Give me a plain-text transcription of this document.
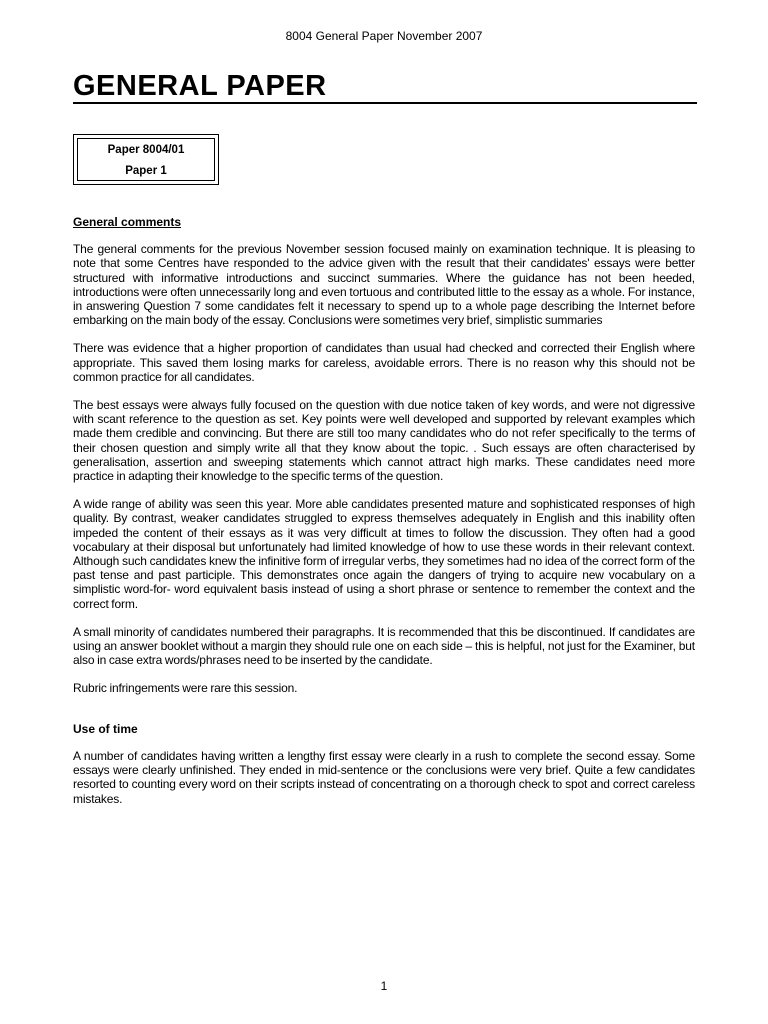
8004 General Paper November 2007
GENERAL PAPER
Paper 8004/01
Paper 1
General comments

The general comments for the previous November session focused mainly on examination technique. It is pleasing to note that some Centres have responded to the advice given with the result that their candidates' essays were better structured with informative introductions and succinct summaries. Where the guidance has not been heeded, introductions were often unnecessarily long and even tortuous and contributed little to the essay as a whole. For instance, in answering Question 7 some candidates felt it necessary to spend up to a whole page describing the Internet before embarking on the main body of the essay. Conclusions were sometimes very brief, simplistic summaries

There was evidence that a higher proportion of candidates than usual had checked and corrected their English where appropriate. This saved them losing marks for careless, avoidable errors. There is no reason why this should not be common practice for all candidates.

The best essays were always fully focused on the question with due notice taken of key words, and were not digressive with scant reference to the question as set. Key points were well developed and supported by relevant examples which made them credible and convincing. But there are still too many candidates who do not refer specifically to the terms of their chosen question and simply write all that they know about the topic. . Such essays are often characterised by generalisation, assertion and sweeping statements which cannot attract high marks. These candidates need more practice in adapting their knowledge to the specific terms of the question.

A wide range of ability was seen this year. More able candidates presented mature and sophisticated responses of high quality. By contrast, weaker candidates struggled to express themselves adequately in English and this inability often impeded the content of their essays as it was very difficult at times to follow the discussion. They often had a good vocabulary at their disposal but unfortunately had limited knowledge of how to use these words in their relevant context. Although such candidates knew the infinitive form of irregular verbs, they sometimes had no idea of the correct form of the past tense and past participle. This demonstrates once again the dangers of trying to acquire new vocabulary on a simplistic word-for- word equivalent basis instead of using a short phrase or sentence to remember the context and the correct form.

A small minority of candidates numbered their paragraphs. It is recommended that this be discontinued. If candidates are using an answer booklet without a margin they should rule one on each side – this is helpful, not just for the Examiner, but also in case extra words/phrases need to be inserted by the candidate.

Rubric infringements were rare this session.

Use of time

A number of candidates having written a lengthy first essay were clearly in a rush to complete the second essay. Some essays were clearly unfinished. They ended in mid-sentence or the conclusions were very brief. Quite a few candidates resorted to counting every word on their scripts instead of concentrating on a thorough check to spot and correct careless mistakes.

1
